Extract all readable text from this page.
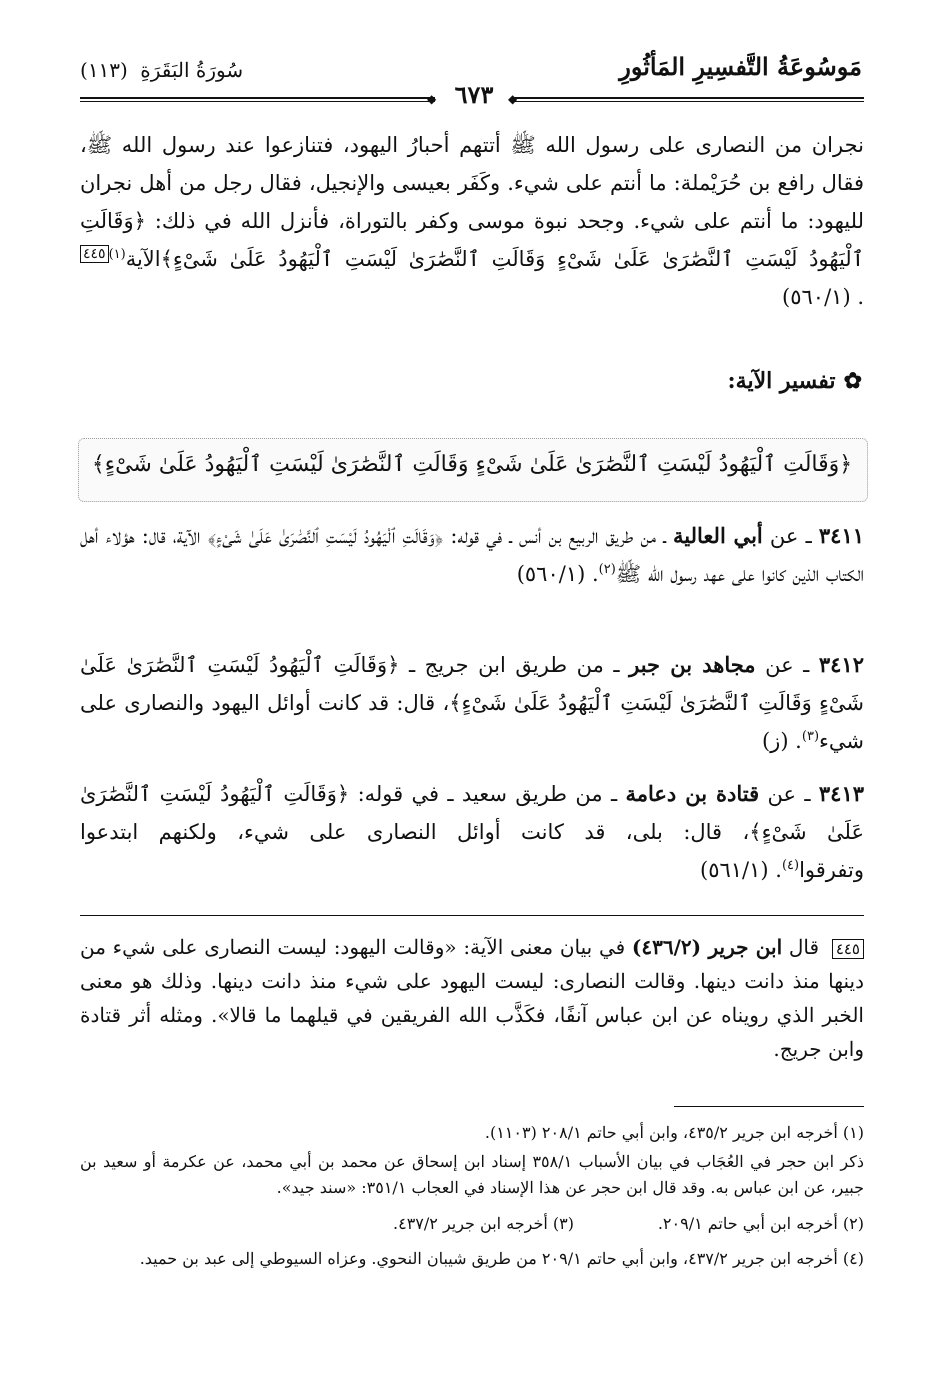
مَوسُوعَةُ التَّفسِيرِ المَأثُورِ
سُورَةُ البَقَرَةِ (١١٣)
◆	◆
٦٧٣
نجران من النصارى على رسول الله ﷺ أتتهم أحبارُ اليهود، فتنازعوا عند رسول الله ﷺ، فقال رافع بن حُرَيْملة: ما أنتم على شيء. وكَفَر بعيسى والإنجيل، فقال رجل من أهل نجران لليهود: ما أنتم على شيء. وجحد نبوة موسى وكفر بالتوراة، فأنزل الله في ذلك: ﴿وَقَالَتِ ٱلْيَهُودُ لَيْسَتِ ٱلنَّصَٰرَىٰ عَلَىٰ شَىْءٍ وَقَالَتِ ٱلنَّصَٰرَىٰ لَيْسَتِ ٱلْيَهُودُ عَلَىٰ شَىْءٍ﴾الآية$^{(١)}$٤٤٥. (٥٦٠/١)
✿تفسير الآية:
﴿وَقَالَتِ ٱلْيَهُودُ لَيْسَتِ ٱلنَّصَٰرَىٰ عَلَىٰ شَىْءٍ وَقَالَتِ ٱلنَّصَٰرَىٰ لَيْسَتِ ٱلْيَهُودُ عَلَىٰ شَىْءٍ﴾
٣٤١١ ـ عن أبي العالية ـ من طريق الربيع بن أنس ـ في قوله: ﴿وَقَالَتِ ٱلْيَهُودُ لَيْسَتِ ٱلنَّصَٰرَىٰ عَلَىٰ شَىْءٍ﴾ الآية، قال: هؤلاء أهل الكتاب الذين كانوا على عهد رسول الله ﷺ$^{(٢)}$. (٥٦٠/١)
٣٤١٢ ـ عن مجاهد بن جبر ـ من طريق ابن جريج ـ ﴿وَقَالَتِ ٱلْيَهُودُ لَيْسَتِ ٱلنَّصَٰرَىٰ عَلَىٰ شَىْءٍ وَقَالَتِ ٱلنَّصَٰرَىٰ لَيْسَتِ ٱلْيَهُودُ عَلَىٰ شَىْءٍ﴾، قال: قد كانت أوائل اليهود والنصارى على شيء$^{(٣)}$. (ز)
٣٤١٣ ـ عن قتادة بن دعامة ـ من طريق سعيد ـ في قوله: ﴿وَقَالَتِ ٱلْيَهُودُ لَيْسَتِ ٱلنَّصَٰرَىٰ عَلَىٰ شَىْءٍ﴾، قال: بلى، قد كانت أوائل النصارى على شيء، ولكنهم ابتدعوا وتفرقوا$^{(٤)}$. (٥٦١/١)
٤٤٥ قال ابن جرير (٤٣٦/٢) في بيان معنى الآية: «وقالت اليهود: ليست النصارى على شيء من دينها منذ دانت دينها. وقالت النصارى: ليست اليهود على شيء منذ دانت دينها. وذلك هو معنى الخبر الذي رويناه عن ابن عباس آنفًا، فكَذَّب الله الفريقين في قيلهما ما قالا». ومثله أثر قتادة وابن جريج.
(١) أخرجه ابن جرير ٤٣٥/٢، وابن أبي حاتم ٢٠٨/١ (١١٠٣).
ذكر ابن حجر في العُجَاب في بيان الأسباب ٣٥٨/١ إسناد ابن إسحاق عن محمد بن أبي محمد، عن عكرمة أو سعيد بن جبير، عن ابن عباس به. وقد قال ابن حجر عن هذا الإسناد في العجاب ٣٥١/١: «سند جيد».
(٢) أخرجه ابن أبي حاتم ٢٠٩/١.
(٣) أخرجه ابن جرير ٤٣٧/٢.
(٤) أخرجه ابن جرير ٤٣٧/٢، وابن أبي حاتم ٢٠٩/١ من طريق شيبان النحوي. وعزاه السيوطي إلى عبد بن حميد.
